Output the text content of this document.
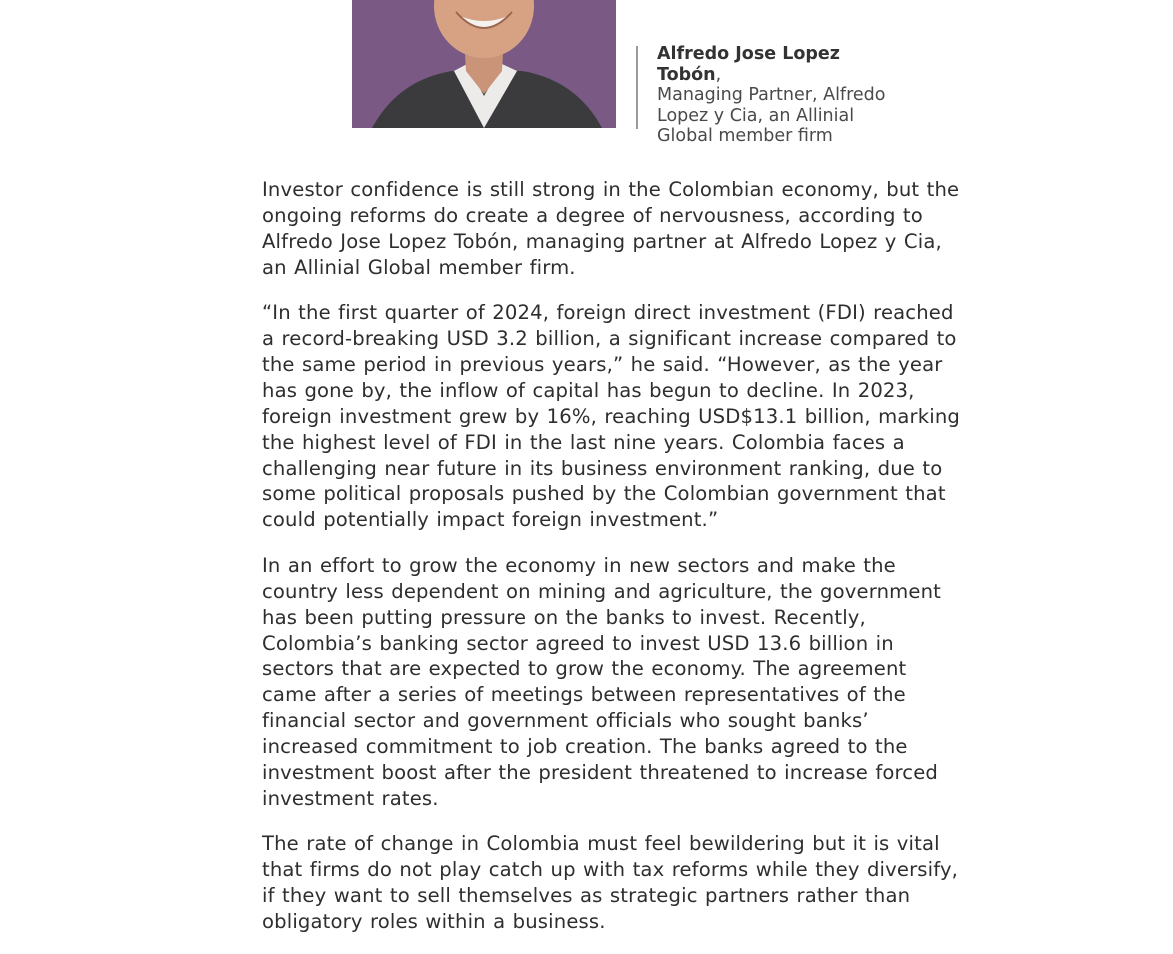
Alfredo Jose Lopez Tobón,
Managing Partner, Alfredo Lopez y Cia, an Allinial Global member firm

Investor confidence is still strong in the Colombian economy, but the ongoing reforms do create a degree of nervousness, according to Alfredo Jose Lopez Tobón, managing partner at Alfredo Lopez y Cia, an Allinial Global member firm.

“In the first quarter of 2024, foreign direct investment (FDI) reached a record-breaking USD 3.2 billion, a significant increase compared to the same period in previous years,” he said. “However, as the year has gone by, the inflow of capital has begun to decline. In 2023, foreign investment grew by 16%, reaching USD$13.1 billion, marking the highest level of FDI in the last nine years. Colombia faces a challenging near future in its business environment ranking, due to some political proposals pushed by the Colombian government that could potentially impact foreign investment.”

In an effort to grow the economy in new sectors and make the country less dependent on mining and agriculture, the government has been putting pressure on the banks to invest. Recently, Colombia’s banking sector agreed to invest USD 13.6 billion in sectors that are expected to grow the economy. The agreement came after a series of meetings between representatives of the financial sector and government officials who sought banks’ increased commitment to job creation. The banks agreed to the investment boost after the president threatened to increase forced investment rates.

The rate of change in Colombia must feel bewildering but it is vital that firms do not play catch up with tax reforms while they diversify, if they want to sell themselves as strategic partners rather than obligatory roles within a business.
